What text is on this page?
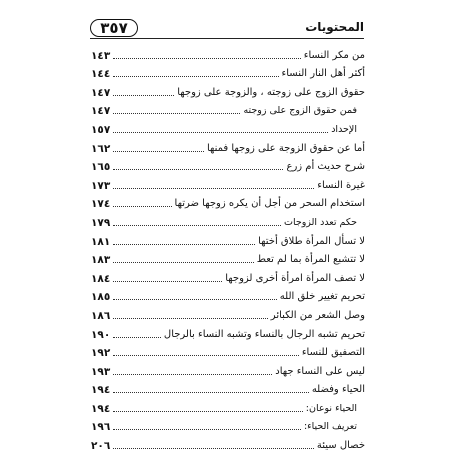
٣٥٧	المحتويات
من مكر النساء
١٤٣
أكثر أهل النار النساء
١٤٤
حقوق الزوج على زوجته ، والزوجة على زوجها
١٤٧
فمن حقوق الزوج على زوجته
١٤٧
الإحداد
١٥٧
أما عن حقوق الزوجة على زوجها فمنها
١٦٢
شرح حديث أم زرع
١٦٥
غيرة النساء
١٧٣
استخدام السحر من أجل أن يكره زوجها ضرتها
١٧٤
حكم تعدد الزوجات
١٧٩
لا تسأل المرأة طلاق أختها
١٨١
لا تتشبع المرأة بما لم تعط
١٨٣
لا تصف المرأة امرأة أخرى لزوجها
١٨٤
تحريم تغيير خلق الله
١٨٥
وصل الشعر من الكبائر
١٨٦
تحريم تشبه الرجال بالنساء وتشبه النساء بالرجال
١٩٠
التصفيق للنساء
١٩٢
ليس على النساء جهاد
١٩٣
الحياء وفضله
١٩٤
الحياء نوعان:
١٩٤
تعريف الحياء:
١٩٦
خصال سيئة
٢٠٦
